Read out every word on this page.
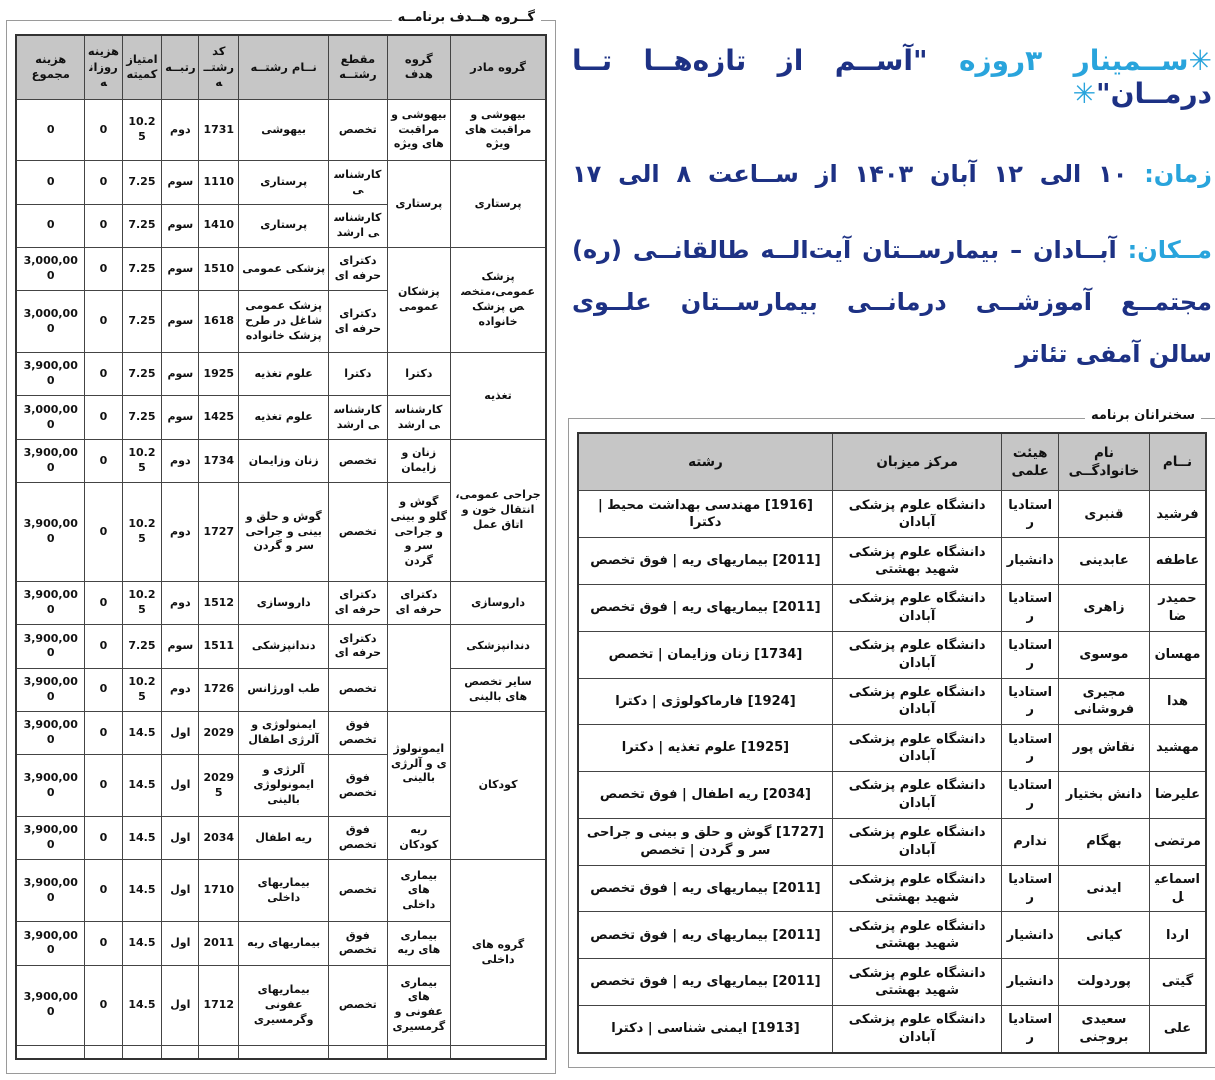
گــروه هــدف برنامــه
گروه مادر	گروه هدف	مقطع رشتــه	نــام رشتــه	کد رشتــه	رتبــه	امتیاز کمیته	هزینه روزانه	هزینه مجموع
بیهوشی و مراقبت های ویژه	بیهوشی و مراقبت های ویژه	تخصص	بیهوشی	1731	دوم	10.25	0	0
پرستاری	پرستاری	کارشناسی	پرستاری	1110	سوم	7.25	0	0
		کارشناسی ارشد	پرستاری	1410	سوم	7.25	0	0
پزشک عمومی،متخصص پزشک خانواده	پزشکان عمومی	دکترای حرفه ای	پزشکی عمومی	1510	سوم	7.25	0	3,000,000
		دکترای حرفه ای	پزشک عمومی شاغل در طرح پزشک خانواده	1618	سوم	7.25	0	3,000,000
تغذیه	دکترا	دکترا	علوم تغذیه	1925	سوم	7.25	0	3,900,000
	کارشناسی ارشد	کارشناسی ارشد	علوم تغذیه	1425	سوم	7.25	0	3,000,000
جراحی عمومی، انتقال خون و اتاق عمل	زنان و زایمان	تخصص	زنان وزایمان	1734	دوم	10.25	0	3,900,000
	گوش و گلو و بینی و جراحی سر و گردن	تخصص	گوش و حلق و بینی و جراحی سر و گردن	1727	دوم	10.25	0	3,900,000
داروسازی	دکترای حرفه ای	دکترای حرفه ای	داروسازی	1512	دوم	10.25	0	3,900,000
دندانپزشکی		دکترای حرفه ای	دندانپزشکی	1511	سوم	7.25	0	3,900,000
سایر تخصص های بالینی		تخصص	طب اورژانس	1726	دوم	10.25	0	3,900,000
کودکان	ایمونولوژی و آلرژی بالینی	فوق تخصص	ایمنولوژی و آلرژی اطفال	2029	اول	14.5	0	3,900,000
		فوق تخصص	آلرژی و ایمونولوژی بالینی	20295	اول	14.5	0	3,900,000
	ریه کودکان	فوق تخصص	ریه اطفال	2034	اول	14.5	0	3,900,000
گروه های داخلی	بیماری های داخلی	تخصص	بیماریهای داخلی	1710	اول	14.5	0	3,900,000
	بیماری های ریه	فوق تخصص	بیماریهای ریه	2011	اول	14.5	0	3,900,000
	بیماری های عفونی و گرمسیری	تخصص	بیماریهای عفونی وگرمسیری	1712	اول	14.5	0	3,900,000

✳ســمینار ۳روزه "آســم از تازه‌هــا تــا درمــان"✳
زمان: ۱۰ الی ۱۲ آبان ۱۴۰۳ از ســاعت ۸ الی ۱۷
مــکان: آبــادان – بیمارســتان آیت‌الــه طالقانــی (ره)
مجتمــع آموزشــی درمانــی بیمارســتان علــوی
سالن آمفی تئاتر
سخنرانان برنامه
نــام	نام خانوادگــی	هیئت علمی	مرکز میزبان	رشته
فرشید	قنبری	استادیار	دانشگاه علوم پزشکی آبادان	[1916] مهندسی بهداشت محیط | دکترا
عاطفه	عابدینی	دانشیار	دانشگاه علوم پزشکی شهید بهشتی	[2011] بیماریهای ریه | فوق تخصص
حمیدرضا	زاهری	استادیار	دانشگاه علوم پزشکی آبادان	[2011] بیماریهای ریه | فوق تخصص
مهسان	موسوی	استادیار	دانشگاه علوم پزشکی آبادان	[1734] زنان وزایمان | تخصص
هدا	مجیری فروشانی	استادیار	دانشگاه علوم پزشکی آبادان	[1924] فارماکولوژی | دکترا
مهشید	نقاش پور	استادیار	دانشگاه علوم پزشکی آبادان	[1925] علوم تغذیه | دکترا
علیرضا	دانش بختیار	استادیار	دانشگاه علوم پزشکی آبادان	[2034] ریه اطفال | فوق تخصص
مرتضی	بهگام	ندارم	دانشگاه علوم پزشکی آبادان	[1727] گوش و حلق و بینی و جراحی سر و گردن | تخصص
اسماعیل	ایدنی	استادیار	دانشگاه علوم پزشکی شهید بهشتی	[2011] بیماریهای ریه | فوق تخصص
اردا	کیانی	دانشیار	دانشگاه علوم پزشکی شهید بهشتی	[2011] بیماریهای ریه | فوق تخصص
گیتی	پوردولت	دانشیار	دانشگاه علوم پزشکی شهید بهشتی	[2011] بیماریهای ریه | فوق تخصص
علی	سعیدی بروجنی	استادیار	دانشگاه علوم پزشکی آبادان	[1913] ایمنی شناسی | دکترا
